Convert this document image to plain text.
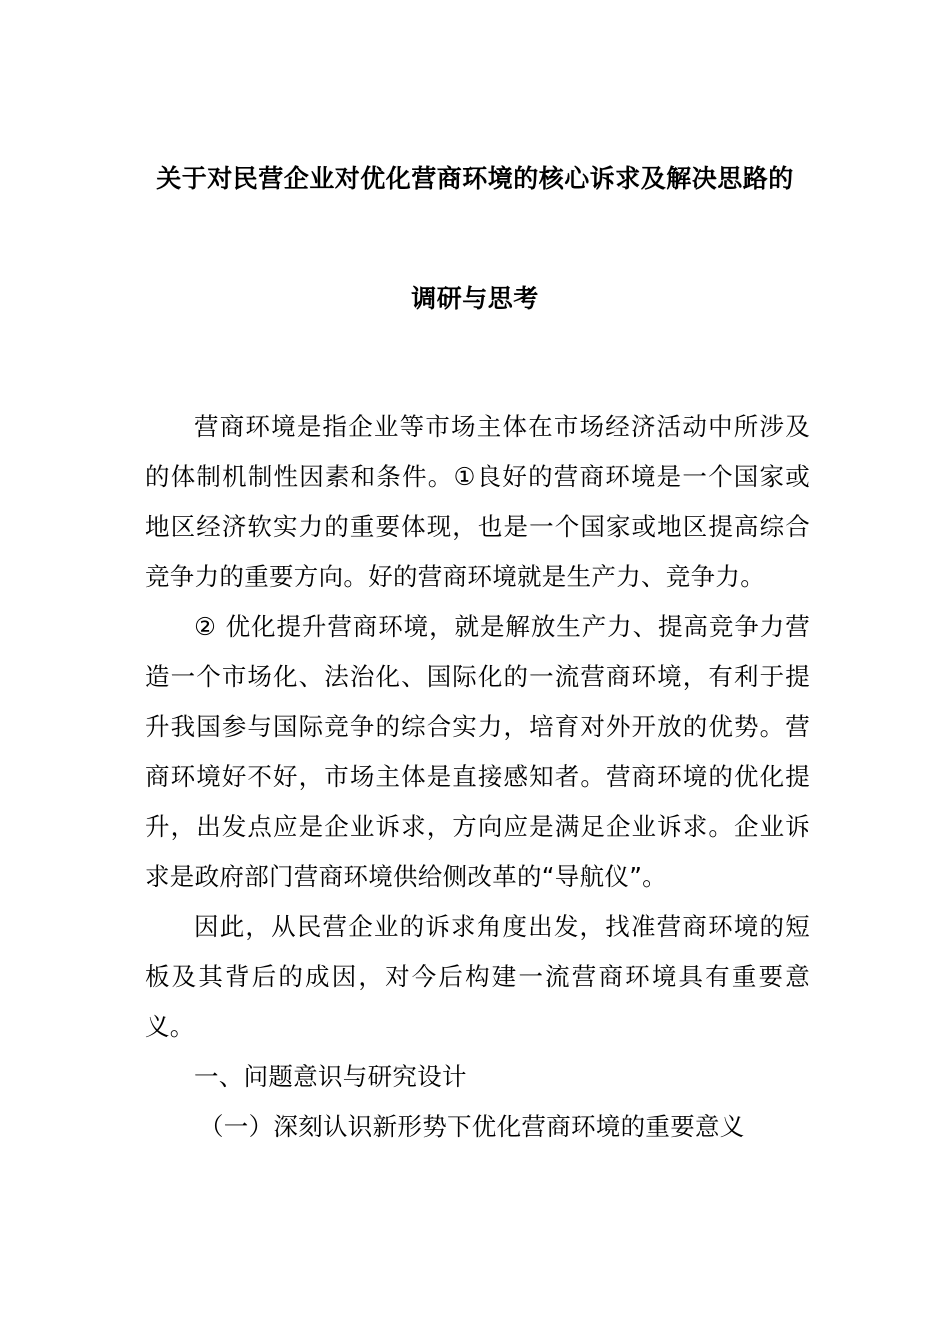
关于对民营企业对优化营商环境的核心诉求及解决思路的
调研与思考

营商环境是指企业等市场主体在市场经济活动中所涉及的体制机制性因素和条件。①良好的营商环境是一个国家或地区经济软实力的重要体现，也是一个国家或地区提高综合竞争力的重要方向。好的营商环境就是生产力、竞争力。

② 优化提升营商环境，就是解放生产力、提高竞争力营造一个市场化、法治化、国际化的一流营商环境，有利于提升我国参与国际竞争的综合实力，培育对外开放的优势。营商环境好不好，市场主体是直接感知者。营商环境的优化提升，出发点应是企业诉求，方向应是满足企业诉求。企业诉求是政府部门营商环境供给侧改革的“导航仪”。

因此，从民营企业的诉求角度出发，找准营商环境的短板及其背后的成因，对今后构建一流营商环境具有重要意义。

一、问题意识与研究设计

（一）深刻认识新形势下优化营商环境的重要意义
